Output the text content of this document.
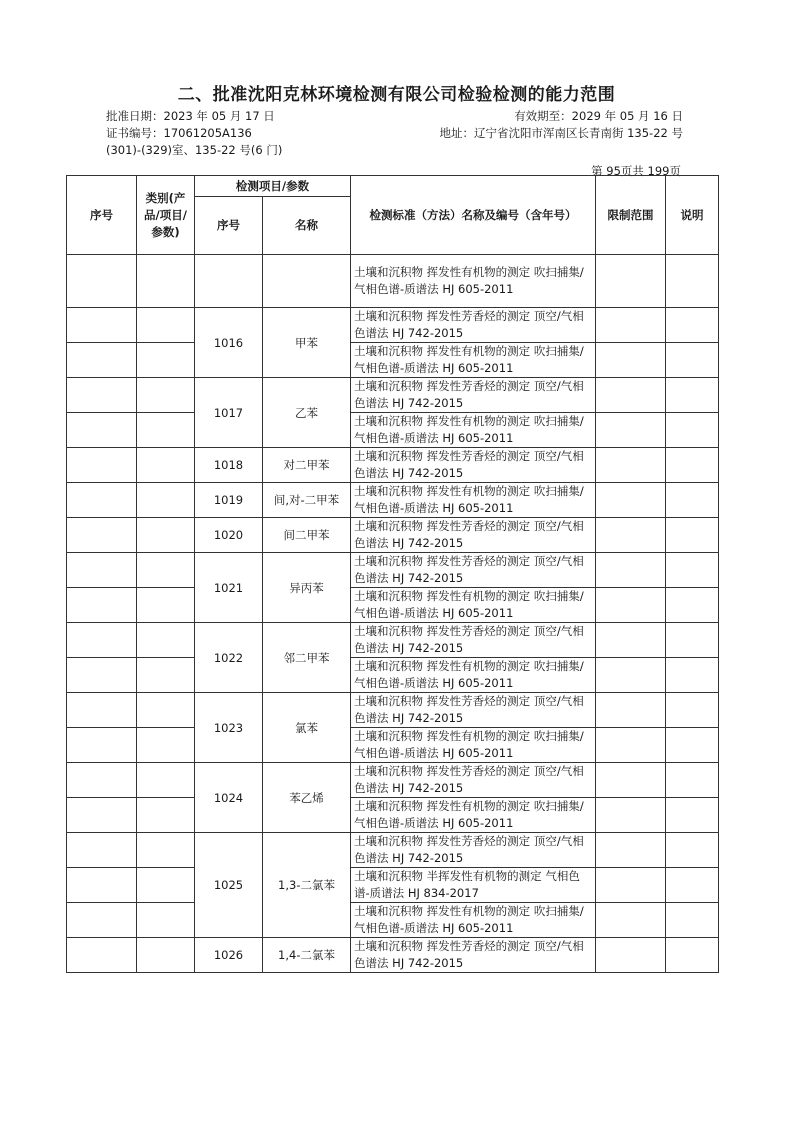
二、批准沈阳克林环境检测有限公司检验检测的能力范围
批准日期：2023 年 05 月 17 日	有效期至：2029 年 05 月 16 日
证书编号：17061205A136	地址：辽宁省沈阳市浑南区长青南街 135-22 号
(301)-(329)室、135-22 号(6 门)
第 95页共 199页
序号	类别(产品/项目/参数)	检测项目/参数		检测标准（方法）名称及编号（含年号）	限制范围	说明
		序号	名称			
				土壤和沉积物 挥发性有机物的测定 吹扫捕集/气相色谱-质谱法 HJ 605-2011		
		1016	甲苯	土壤和沉积物 挥发性芳香烃的测定 顶空/气相色谱法 HJ 742-2015		
				土壤和沉积物 挥发性有机物的测定 吹扫捕集/气相色谱-质谱法 HJ 605-2011		
		1017	乙苯	土壤和沉积物 挥发性芳香烃的测定 顶空/气相色谱法 HJ 742-2015		
				土壤和沉积物 挥发性有机物的测定 吹扫捕集/气相色谱-质谱法 HJ 605-2011		
		1018	对二甲苯	土壤和沉积物 挥发性芳香烃的测定 顶空/气相色谱法 HJ 742-2015		
		1019	间,对-二甲苯	土壤和沉积物 挥发性有机物的测定 吹扫捕集/气相色谱-质谱法 HJ 605-2011		
		1020	间二甲苯	土壤和沉积物 挥发性芳香烃的测定 顶空/气相色谱法 HJ 742-2015		
		1021	异丙苯	土壤和沉积物 挥发性芳香烃的测定 顶空/气相色谱法 HJ 742-2015		
				土壤和沉积物 挥发性有机物的测定 吹扫捕集/气相色谱-质谱法 HJ 605-2011		
		1022	邻二甲苯	土壤和沉积物 挥发性芳香烃的测定 顶空/气相色谱法 HJ 742-2015		
				土壤和沉积物 挥发性有机物的测定 吹扫捕集/气相色谱-质谱法 HJ 605-2011		
		1023	氯苯	土壤和沉积物 挥发性芳香烃的测定 顶空/气相色谱法 HJ 742-2015		
				土壤和沉积物 挥发性有机物的测定 吹扫捕集/气相色谱-质谱法 HJ 605-2011		
		1024	苯乙烯	土壤和沉积物 挥发性芳香烃的测定 顶空/气相色谱法 HJ 742-2015		
				土壤和沉积物 挥发性有机物的测定 吹扫捕集/气相色谱-质谱法 HJ 605-2011		
		1025	1,3-二氯苯	土壤和沉积物 挥发性芳香烃的测定 顶空/气相色谱法 HJ 742-2015		
				土壤和沉积物 半挥发性有机物的测定 气相色谱-质谱法 HJ 834-2017		
				土壤和沉积物 挥发性有机物的测定 吹扫捕集/气相色谱-质谱法 HJ 605-2011		
		1026	1,4-二氯苯	土壤和沉积物 挥发性芳香烃的测定 顶空/气相色谱法 HJ 742-2015		
